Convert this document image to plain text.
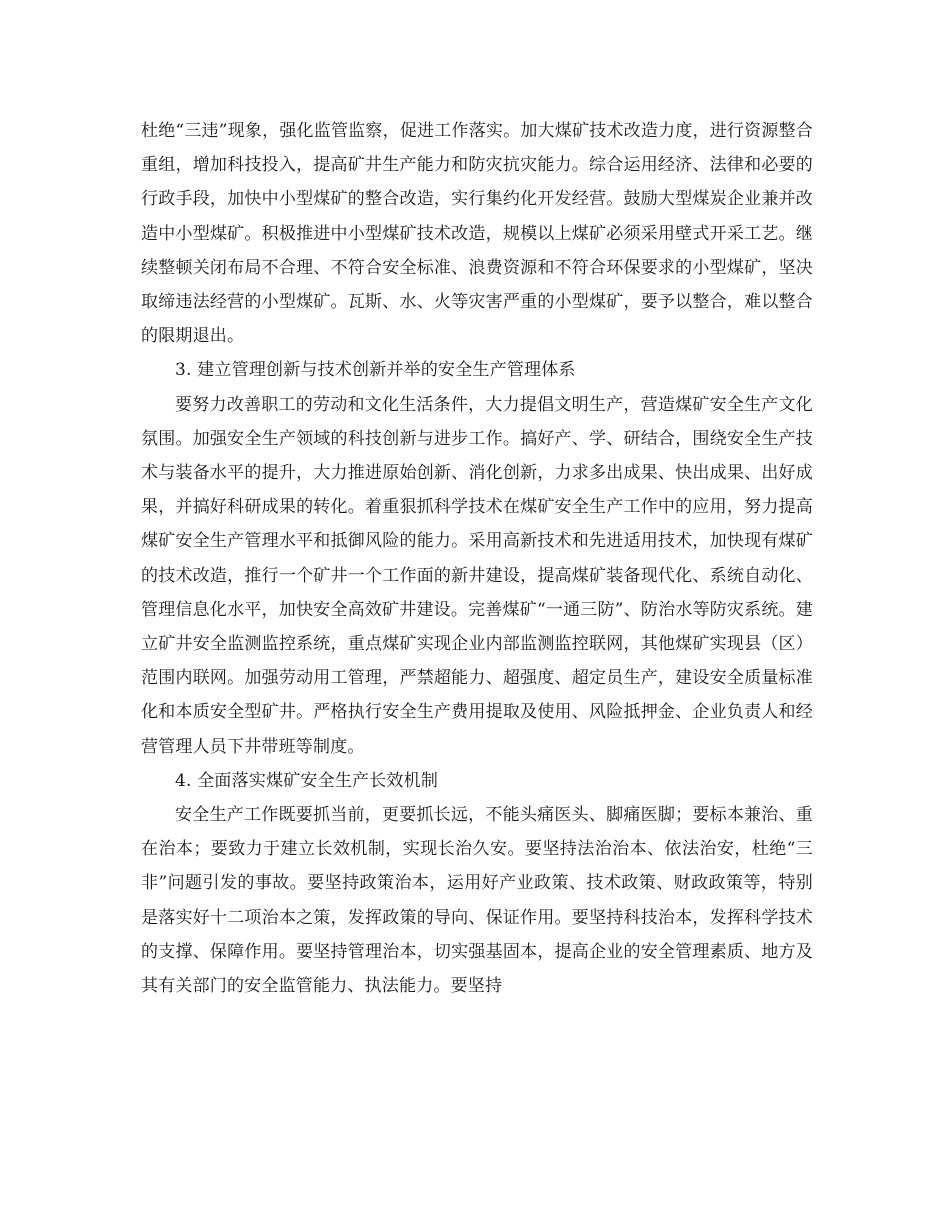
杜绝“三违”现象，强化监管监察，促进工作落实。加大煤矿技术改造力度，进行资源整合重组，增加科技投入，提高矿井生产能力和防灾抗灾能力。综合运用经济、法律和必要的行政手段，加快中小型煤矿的整合改造，实行集约化开发经营。鼓励大型煤炭企业兼并改造中小型煤矿。积极推进中小型煤矿技术改造，规模以上煤矿必须采用壁式开采工艺。继续整顿关闭布局不合理、不符合安全标准、浪费资源和不符合环保要求的小型煤矿，坚决取缔违法经营的小型煤矿。瓦斯、水、火等灾害严重的小型煤矿，要予以整合，难以整合的限期退出。

3. 建立管理创新与技术创新并举的安全生产管理体系

要努力改善职工的劳动和文化生活条件，大力提倡文明生产，营造煤矿安全生产文化氛围。加强安全生产领域的科技创新与进步工作。搞好产、学、研结合，围绕安全生产技术与装备水平的提升，大力推进原始创新、消化创新，力求多出成果、快出成果、出好成果，并搞好科研成果的转化。着重狠抓科学技术在煤矿安全生产工作中的应用，努力提高煤矿安全生产管理水平和抵御风险的能力。采用高新技术和先进适用技术，加快现有煤矿的技术改造，推行一个矿井一个工作面的新井建设，提高煤矿装备现代化、系统自动化、管理信息化水平，加快安全高效矿井建设。完善煤矿“一通三防”、防治水等防灾系统。建立矿井安全监测监控系统，重点煤矿实现企业内部监测监控联网，其他煤矿实现县（区）范围内联网。加强劳动用工管理，严禁超能力、超强度、超定员生产，建设安全质量标准化和本质安全型矿井。严格执行安全生产费用提取及使用、风险抵押金、企业负责人和经营管理人员下井带班等制度。

4. 全面落实煤矿安全生产长效机制

安全生产工作既要抓当前，更要抓长远，不能头痛医头、脚痛医脚；要标本兼治、重在治本；要致力于建立长效机制，实现长治久安。要坚持法治治本、依法治安，杜绝“三非”问题引发的事故。要坚持政策治本，运用好产业政策、技术政策、财政政策等，特别是落实好十二项治本之策，发挥政策的导向、保证作用。要坚持科技治本，发挥科学技术的支撑、保障作用。要坚持管理治本，切实强基固本，提高企业的安全管理素质、地方及其有关部门的安全监管能力、执法能力。要坚持
